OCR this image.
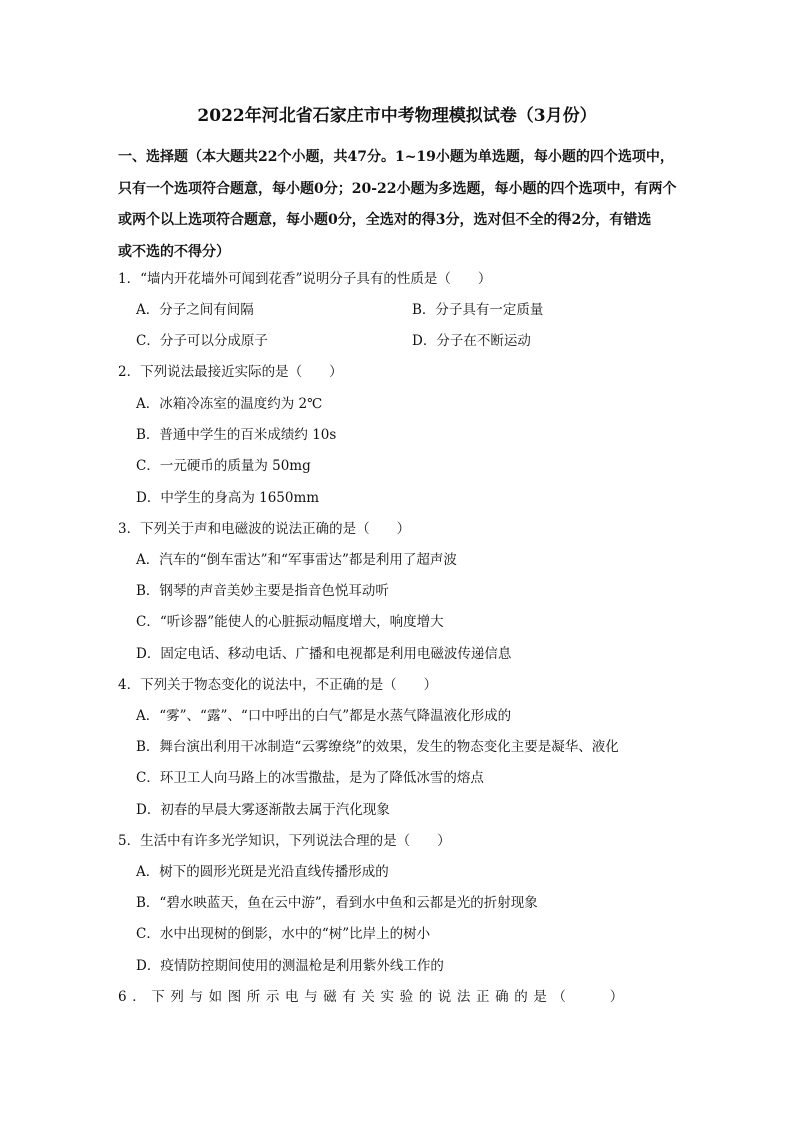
2022年河北省石家庄市中考物理模拟试卷（3月份）
一、选择题（本大题共22个小题，共47分。1~19小题为单选题，每小题的四个选项中，
只有一个选项符合题意，每小题0分；20-22小题为多选题，每小题的四个选项中，有两个
或两个以上选项符合题意，每小题0分，全选对的得3分，选对但不全的得2分，有错选
或不选的不得分）
1．“墙内开花墙外可闻到花香”说明分子具有的性质是（　　）
A．分子之间有间隔	B．分子具有一定质量
C．分子可以分成原子	D．分子在不断运动
2．下列说法最接近实际的是（　　）
A．冰箱冷冻室的温度约为 2℃
B．普通中学生的百米成绩约 10s
C．一元硬币的质量为 50mg
D．中学生的身高为 1650mm
3．下列关于声和电磁波的说法正确的是（　　）
A．汽车的“倒车雷达”和“军事雷达”都是利用了超声波
B．钢琴的声音美妙主要是指音色悦耳动听
C．“听诊器”能使人的心脏振动幅度增大，响度增大
D．固定电话、移动电话、广播和电视都是利用电磁波传递信息
4．下列关于物态变化的说法中，不正确的是（　　）
A．“雾”、“露”、“口中呼出的白气”都是水蒸气降温液化形成的
B．舞台演出利用干冰制造“云雾缭绕”的效果，发生的物态变化主要是凝华、液化
C．环卫工人向马路上的冰雪撒盐，是为了降低冰雪的熔点
D．初春的早晨大雾逐渐散去属于汽化现象
5．生活中有许多光学知识，下列说法合理的是（　　）
A．树下的圆形光斑是光沿直线传播形成的
B．“碧水映蓝天，鱼在云中游”，看到水中鱼和云都是光的折射现象
C．水中出现树的倒影，水中的“树”比岸上的树小
D．疫情防控期间使用的测温枪是利用紫外线工作的
6．下列与如图所示电与磁有关实验的说法正确的是（　　）
